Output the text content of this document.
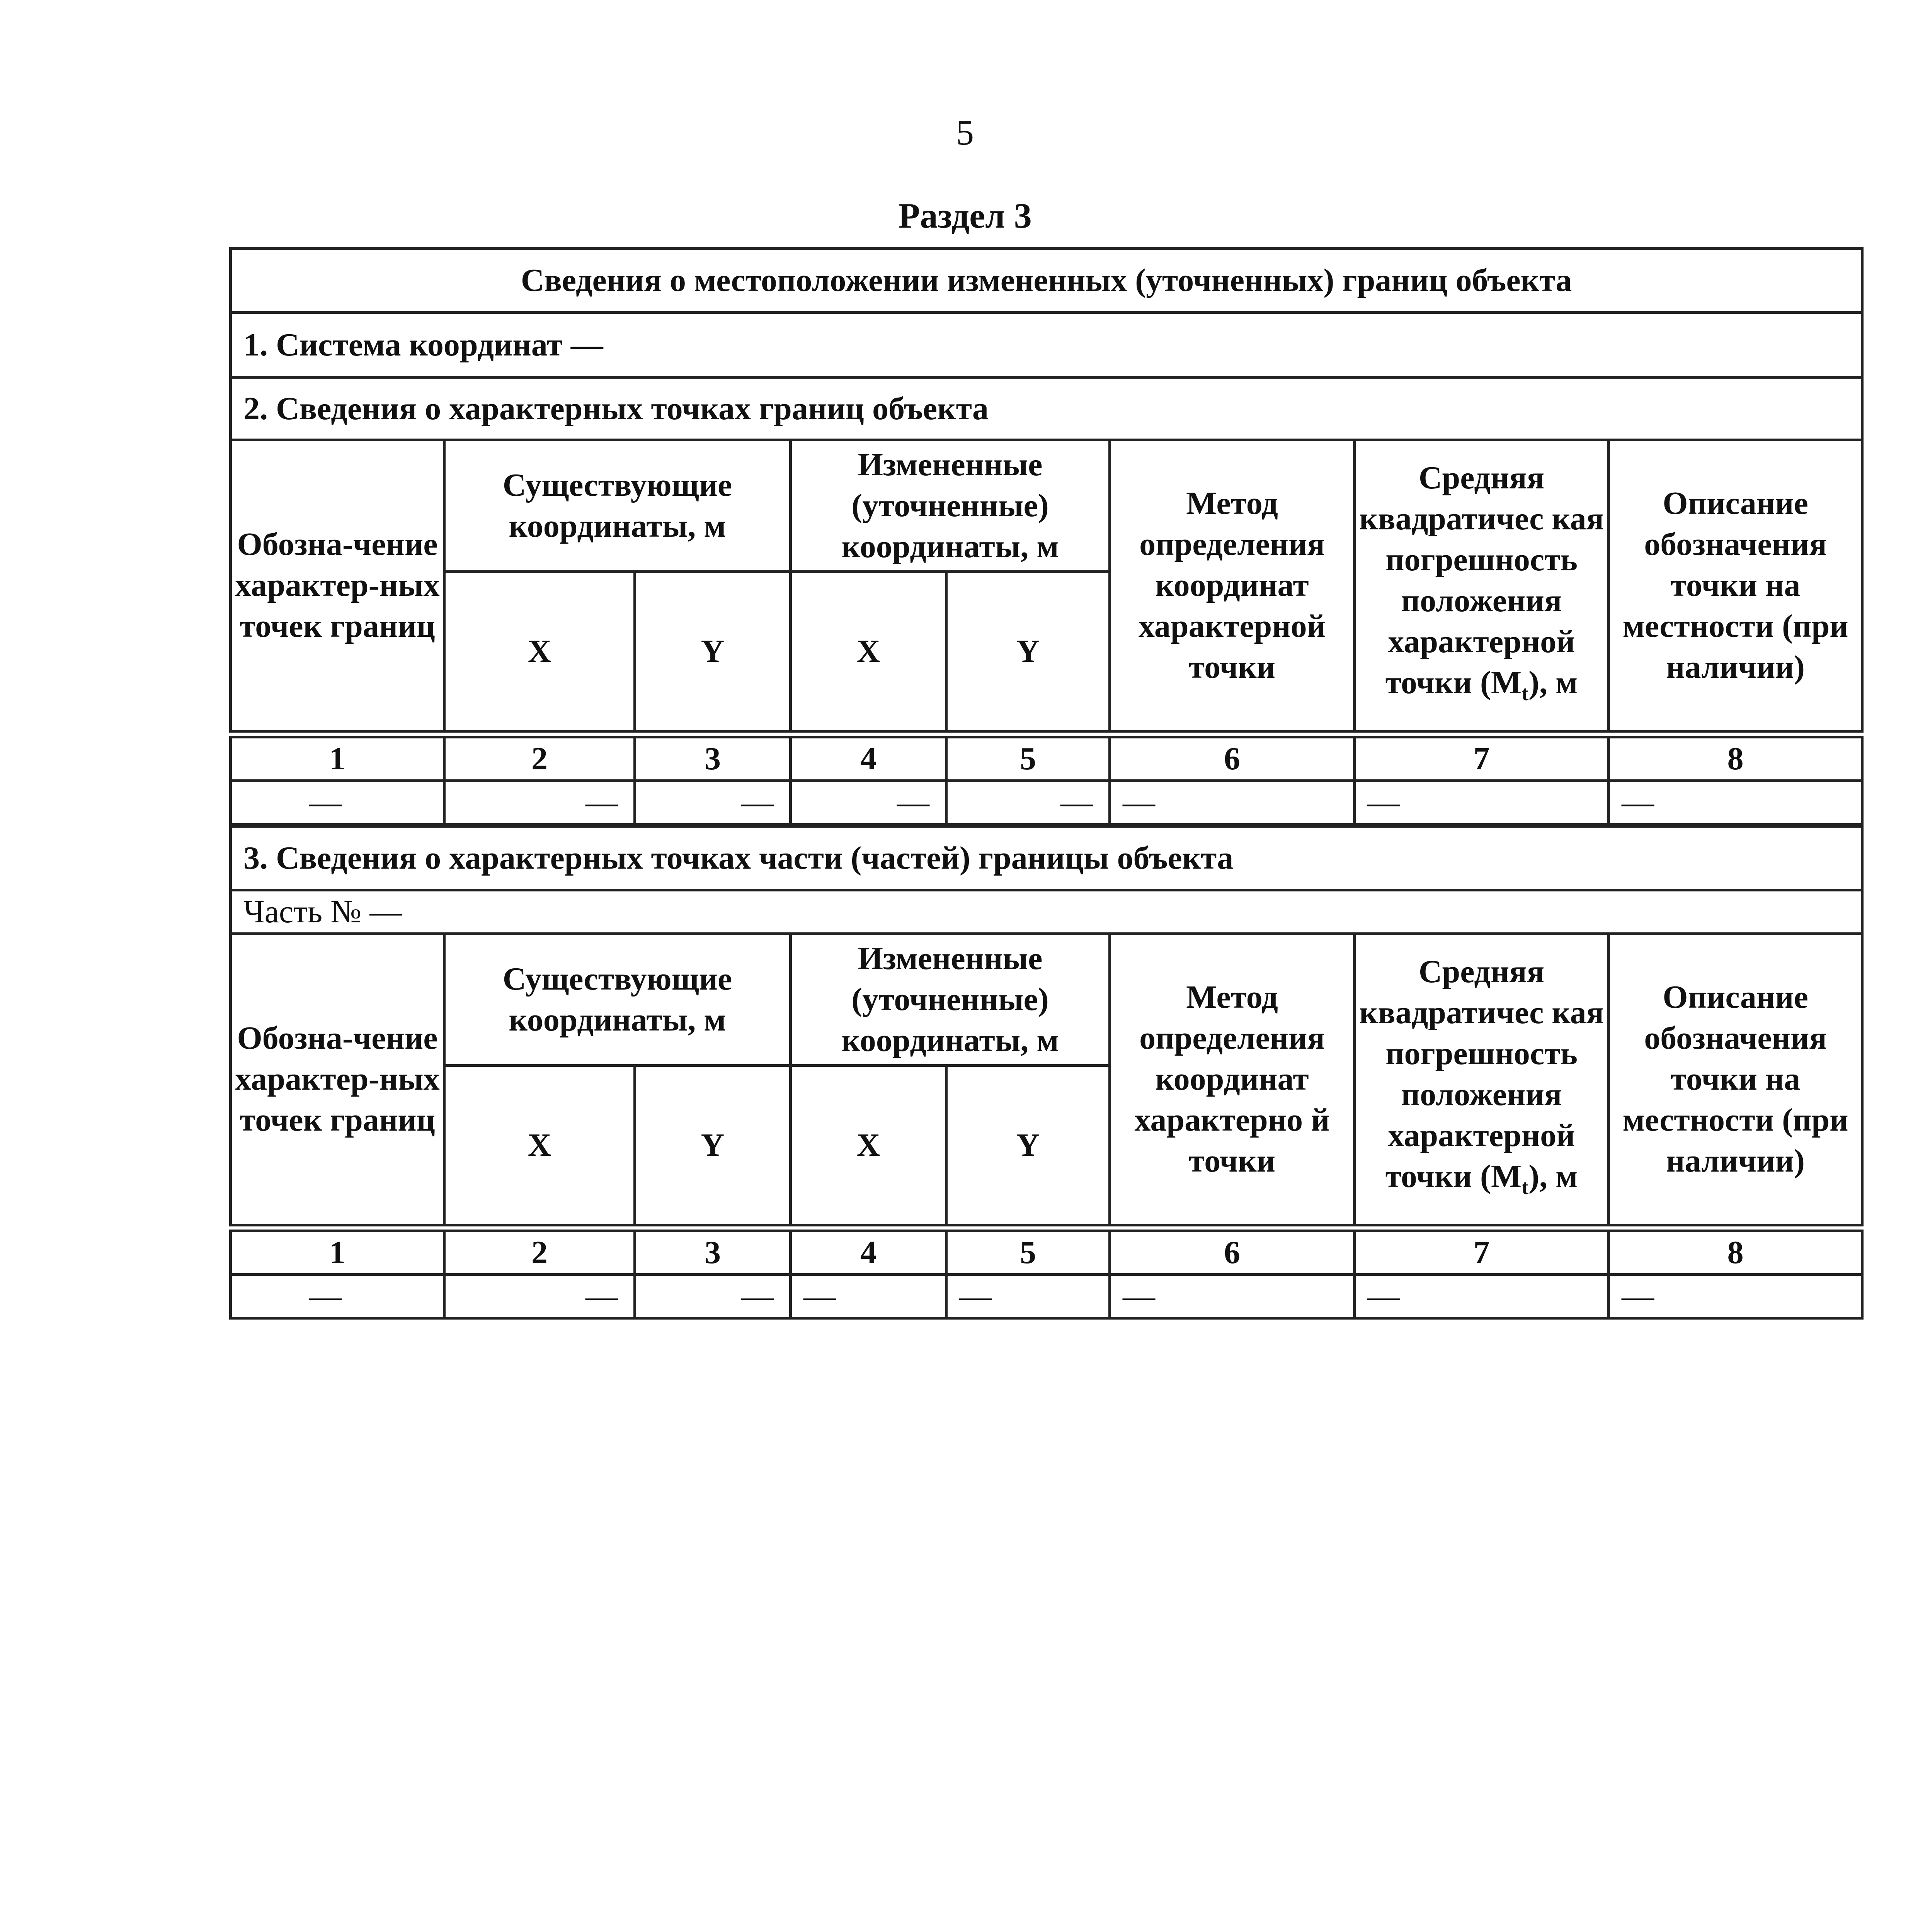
5
Раздел 3
Сведения о местоположении измененных (уточненных) границ объекта							
1. Система координат —							
2. Сведения о характерных точках границ объекта							
Обозна-чение характер-ных точек границ	Существующие координаты, м		Измененные (уточненные) координаты, м		Метод определения координат характерной точки	Средняя квадратичес кая погрешность положения характерной точки $(M_t)$, м	Описание обозначения точки на местности (при наличии)
	X	Y	X	Y			
1	2	3	4	5	6	7	8
—	—	—	—	—	—	—	—
3. Сведения о характерных точках части (частей) границы объекта							
Часть № —							
Обозна-чение характер-ных точек границ	Существующие координаты, м		Измененные (уточненные) координаты, м		Метод определения координат характерно й точки	Средняя квадратичес кая погрешность положения характерной точки $(M_t)$, м	Описание обозначения точки на местности (при наличии)
	X	Y	X	Y			
1	2	3	4	5	6	7	8
—	—	—	—	—	—	—	—
